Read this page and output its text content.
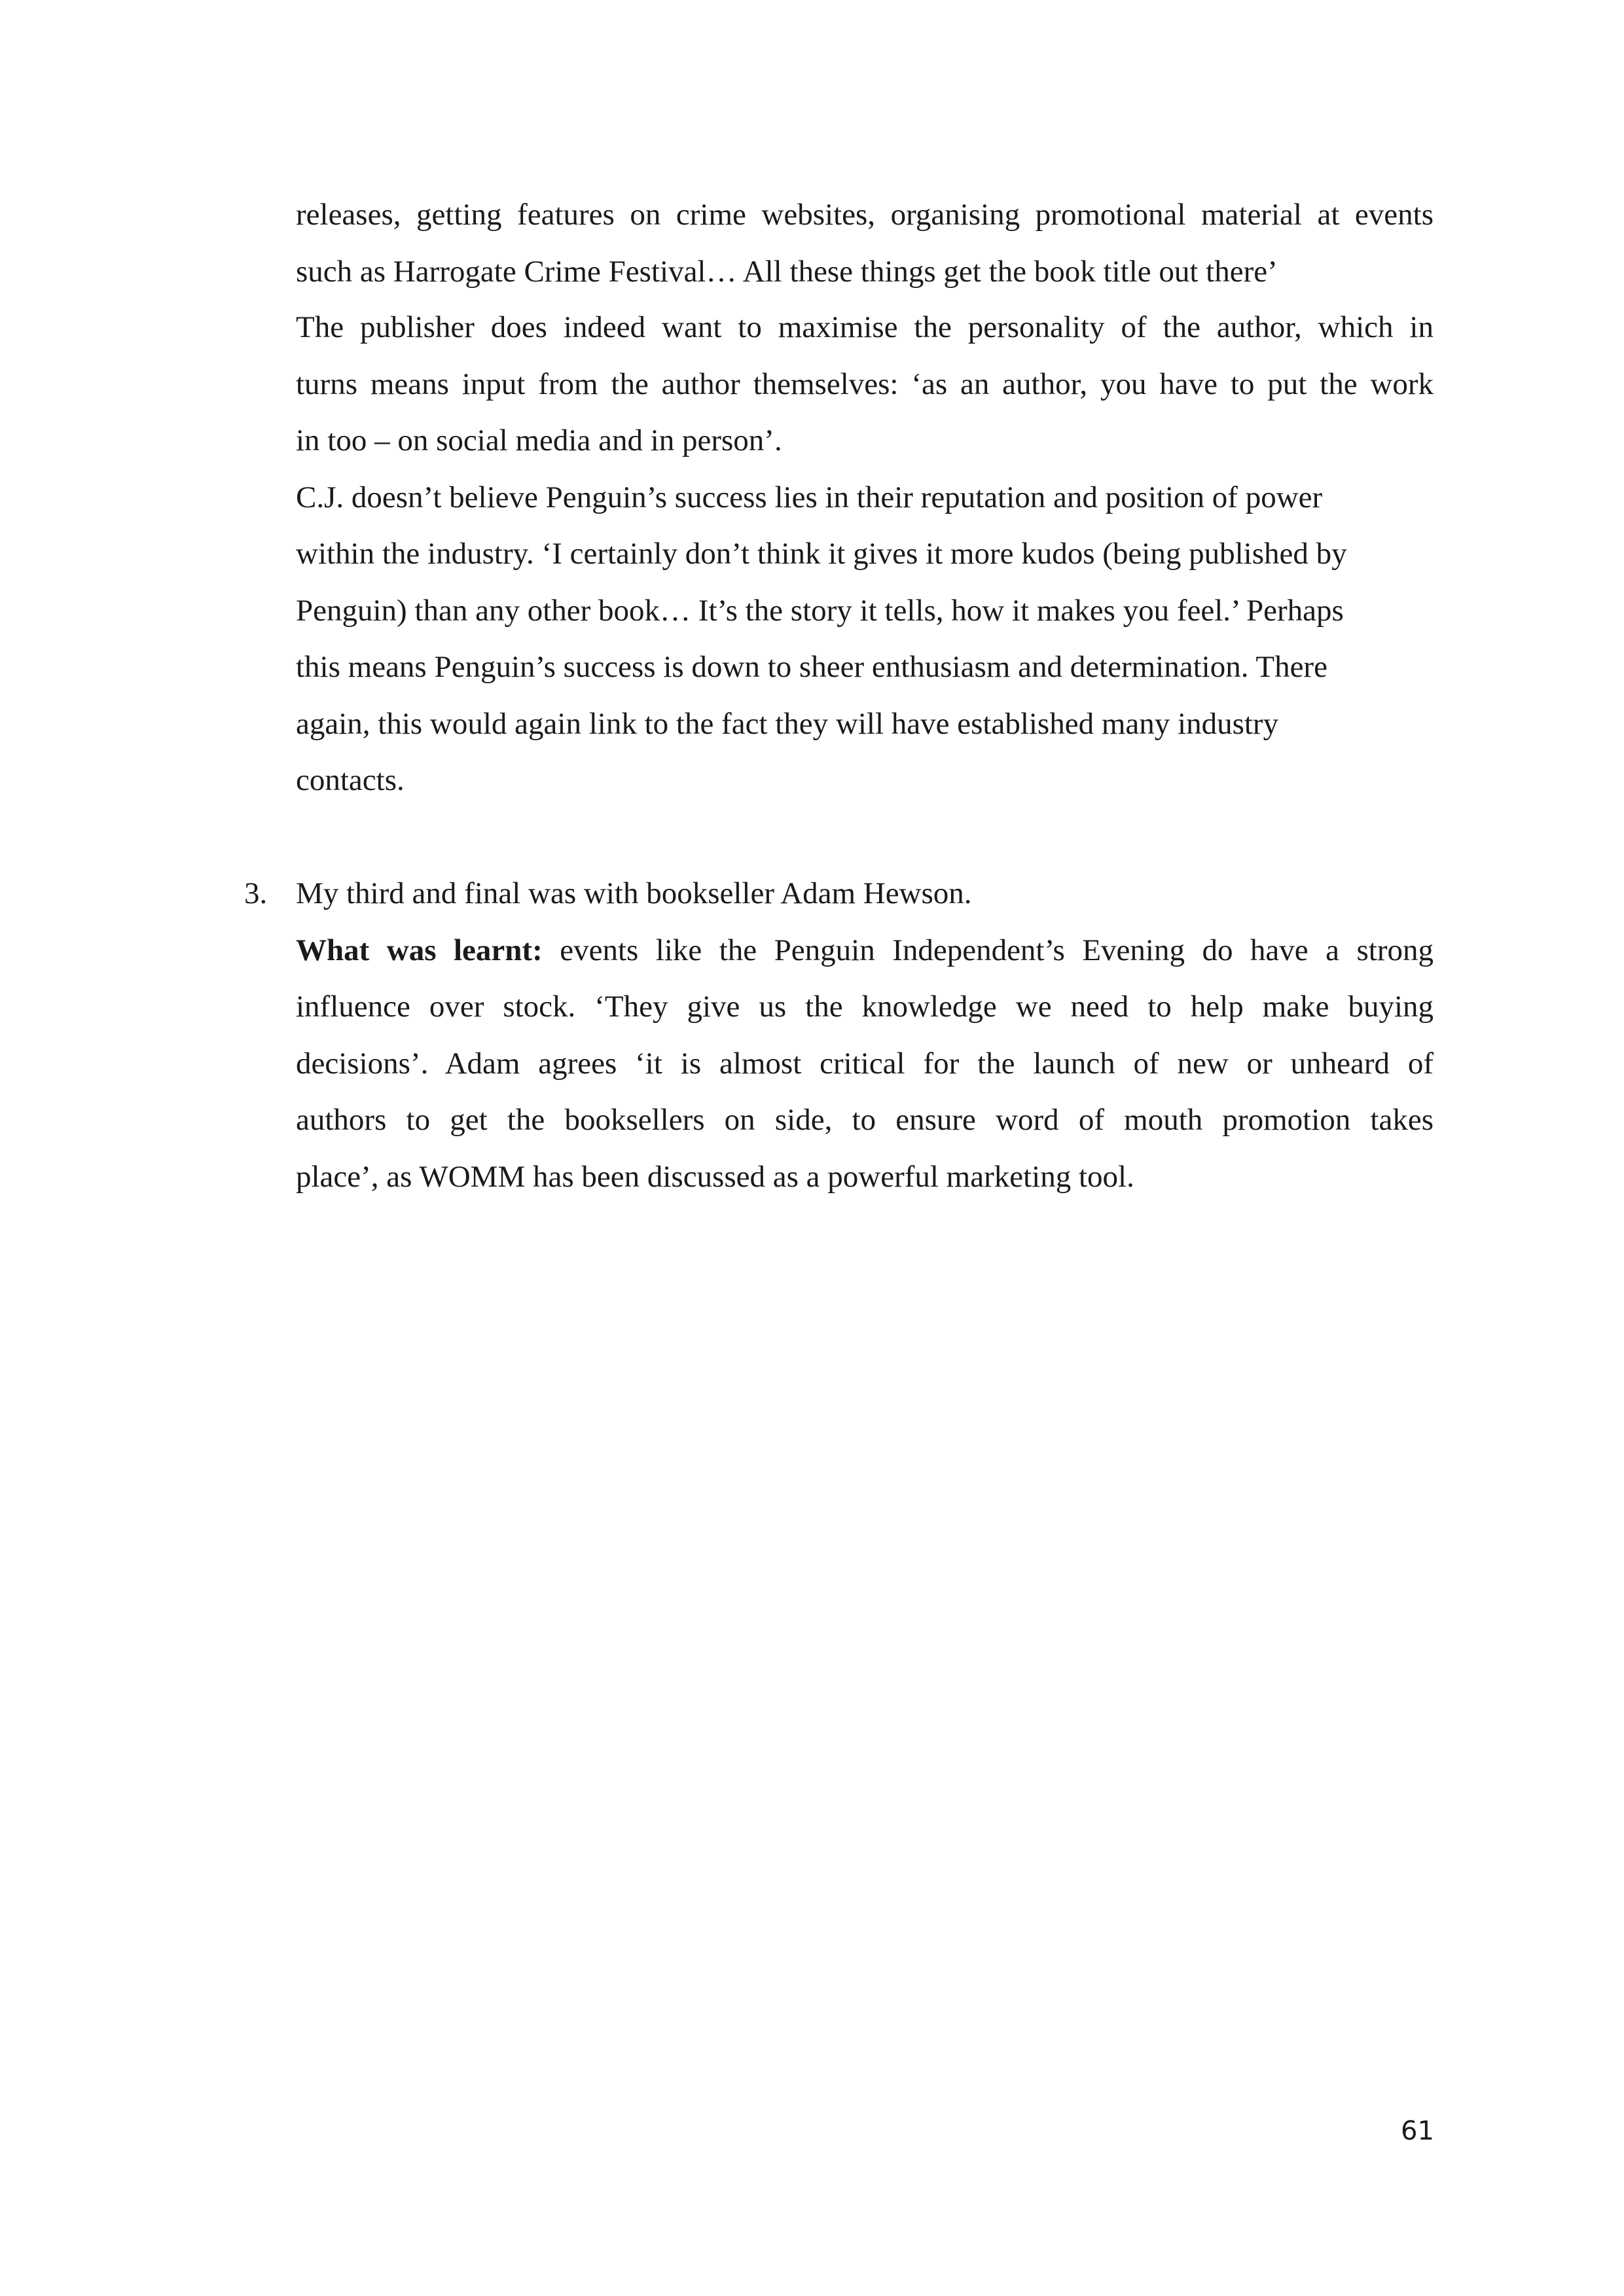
releases, getting features on crime websites, organising promotional material at events

such as Harrogate Crime Festival… All these things get the book title out there’

The publisher does indeed want to maximise the personality of the author, which in

turns means input from the author themselves: ‘as an author, you have to put the work

in too – on social media and in person’.

C.J. doesn’t believe Penguin’s success lies in their reputation and position of power

within the industry. ‘I certainly don’t think it gives it more kudos (being published by

Penguin) than any other book… It’s the story it tells, how it makes you feel.’ Perhaps

this means Penguin’s success is down to sheer enthusiasm and determination. There

again, this would again link to the fact they will have established many industry

contacts.

3. My third and final was with bookseller Adam Hewson.

What was learnt: events like the Penguin Independent’s Evening do have a strong

influence over stock. ‘They give us the knowledge we need to help make buying

decisions’. Adam agrees ‘it is almost critical for the launch of new or unheard of

authors to get the booksellers on side, to ensure word of mouth promotion takes

place’, as WOMM has been discussed as a powerful marketing tool.

61
